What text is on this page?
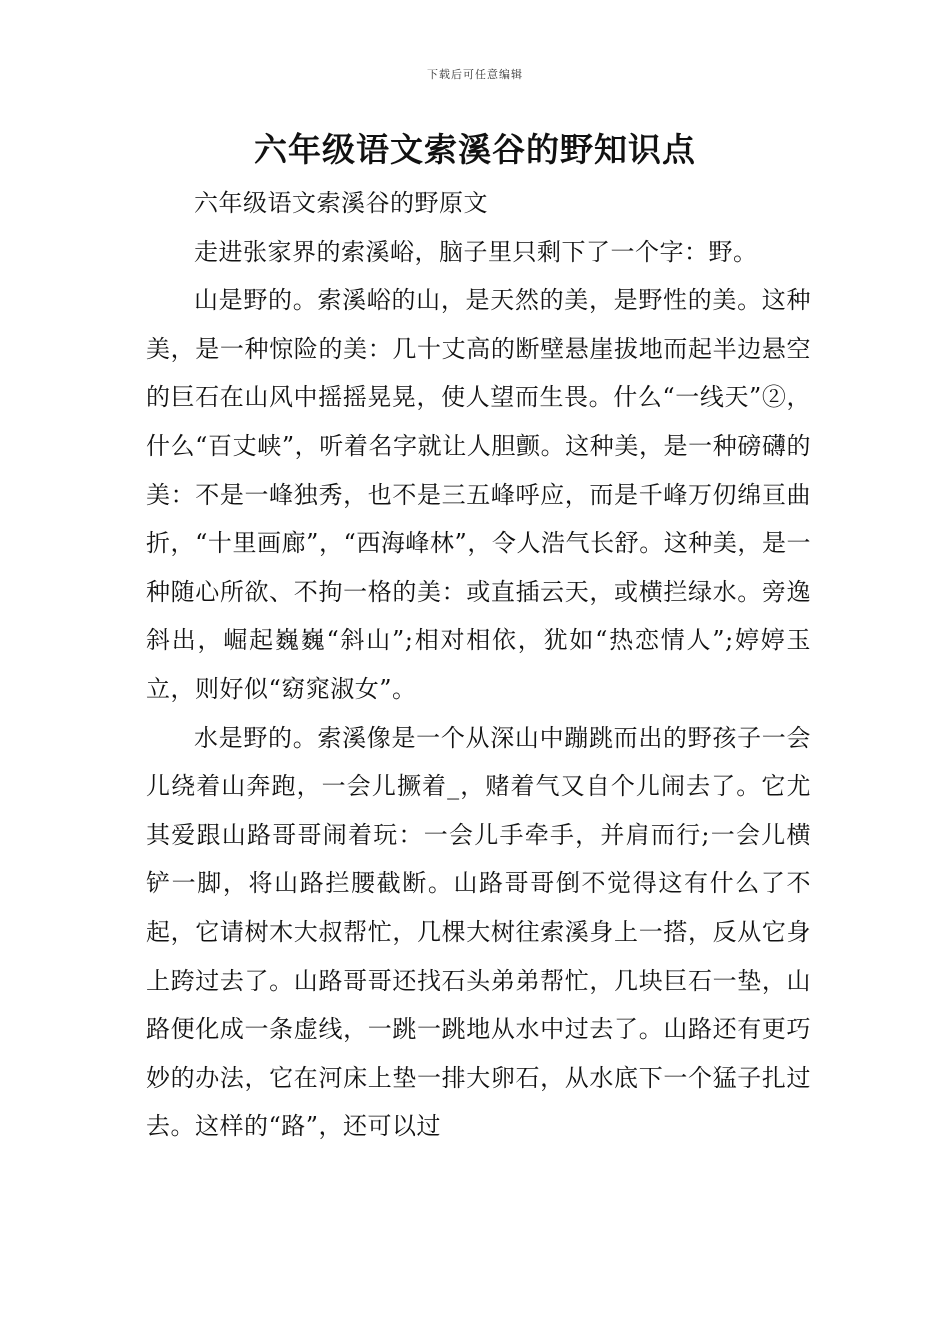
下载后可任意编辑
六年级语文索溪谷的野知识点

六年级语文索溪谷的野原文

走进张家界的索溪峪，脑子里只剩下了一个字：野。

山是野的。索溪峪的山，是天然的美，是野性的美。这种美，是一种惊险的美：几十丈高的断壁悬崖拔地而起半边悬空的巨石在山风中摇摇晃晃，使人望而生畏。什么“一线天”②，什么“百丈峡”，听着名字就让人胆颤。这种美，是一种磅礴的美：不是一峰独秀，也不是三五峰呼应，而是千峰万仞绵亘曲折，“十里画廊”，“西海峰林”，令人浩气长舒。这种美，是一种随心所欲、不拘一格的美：或直插云天，或横拦绿水。旁逸斜出，崛起巍巍“斜山”;相对相依，犹如“热恋情人”;婷婷玉立，则好似“窈窕淑女”。

水是野的。索溪像是一个从深山中蹦跳而出的野孩子一会儿绕着山奔跑，一会儿撅着_，赌着气又自个儿闹去了。它尤其爱跟山路哥哥闹着玩：一会儿手牵手，并肩而行;一会儿横铲一脚，将山路拦腰截断。山路哥哥倒不觉得这有什么了不起，它请树木大叔帮忙，几棵大树往索溪身上一搭，反从它身上跨过去了。山路哥哥还找石头弟弟帮忙，几块巨石一垫，山路便化成一条虚线，一跳一跳地从水中过去了。山路还有更巧妙的办法，它在河床上垫一排大卵石，从水底下一个猛子扎过去。这样的“路”，还可以过
